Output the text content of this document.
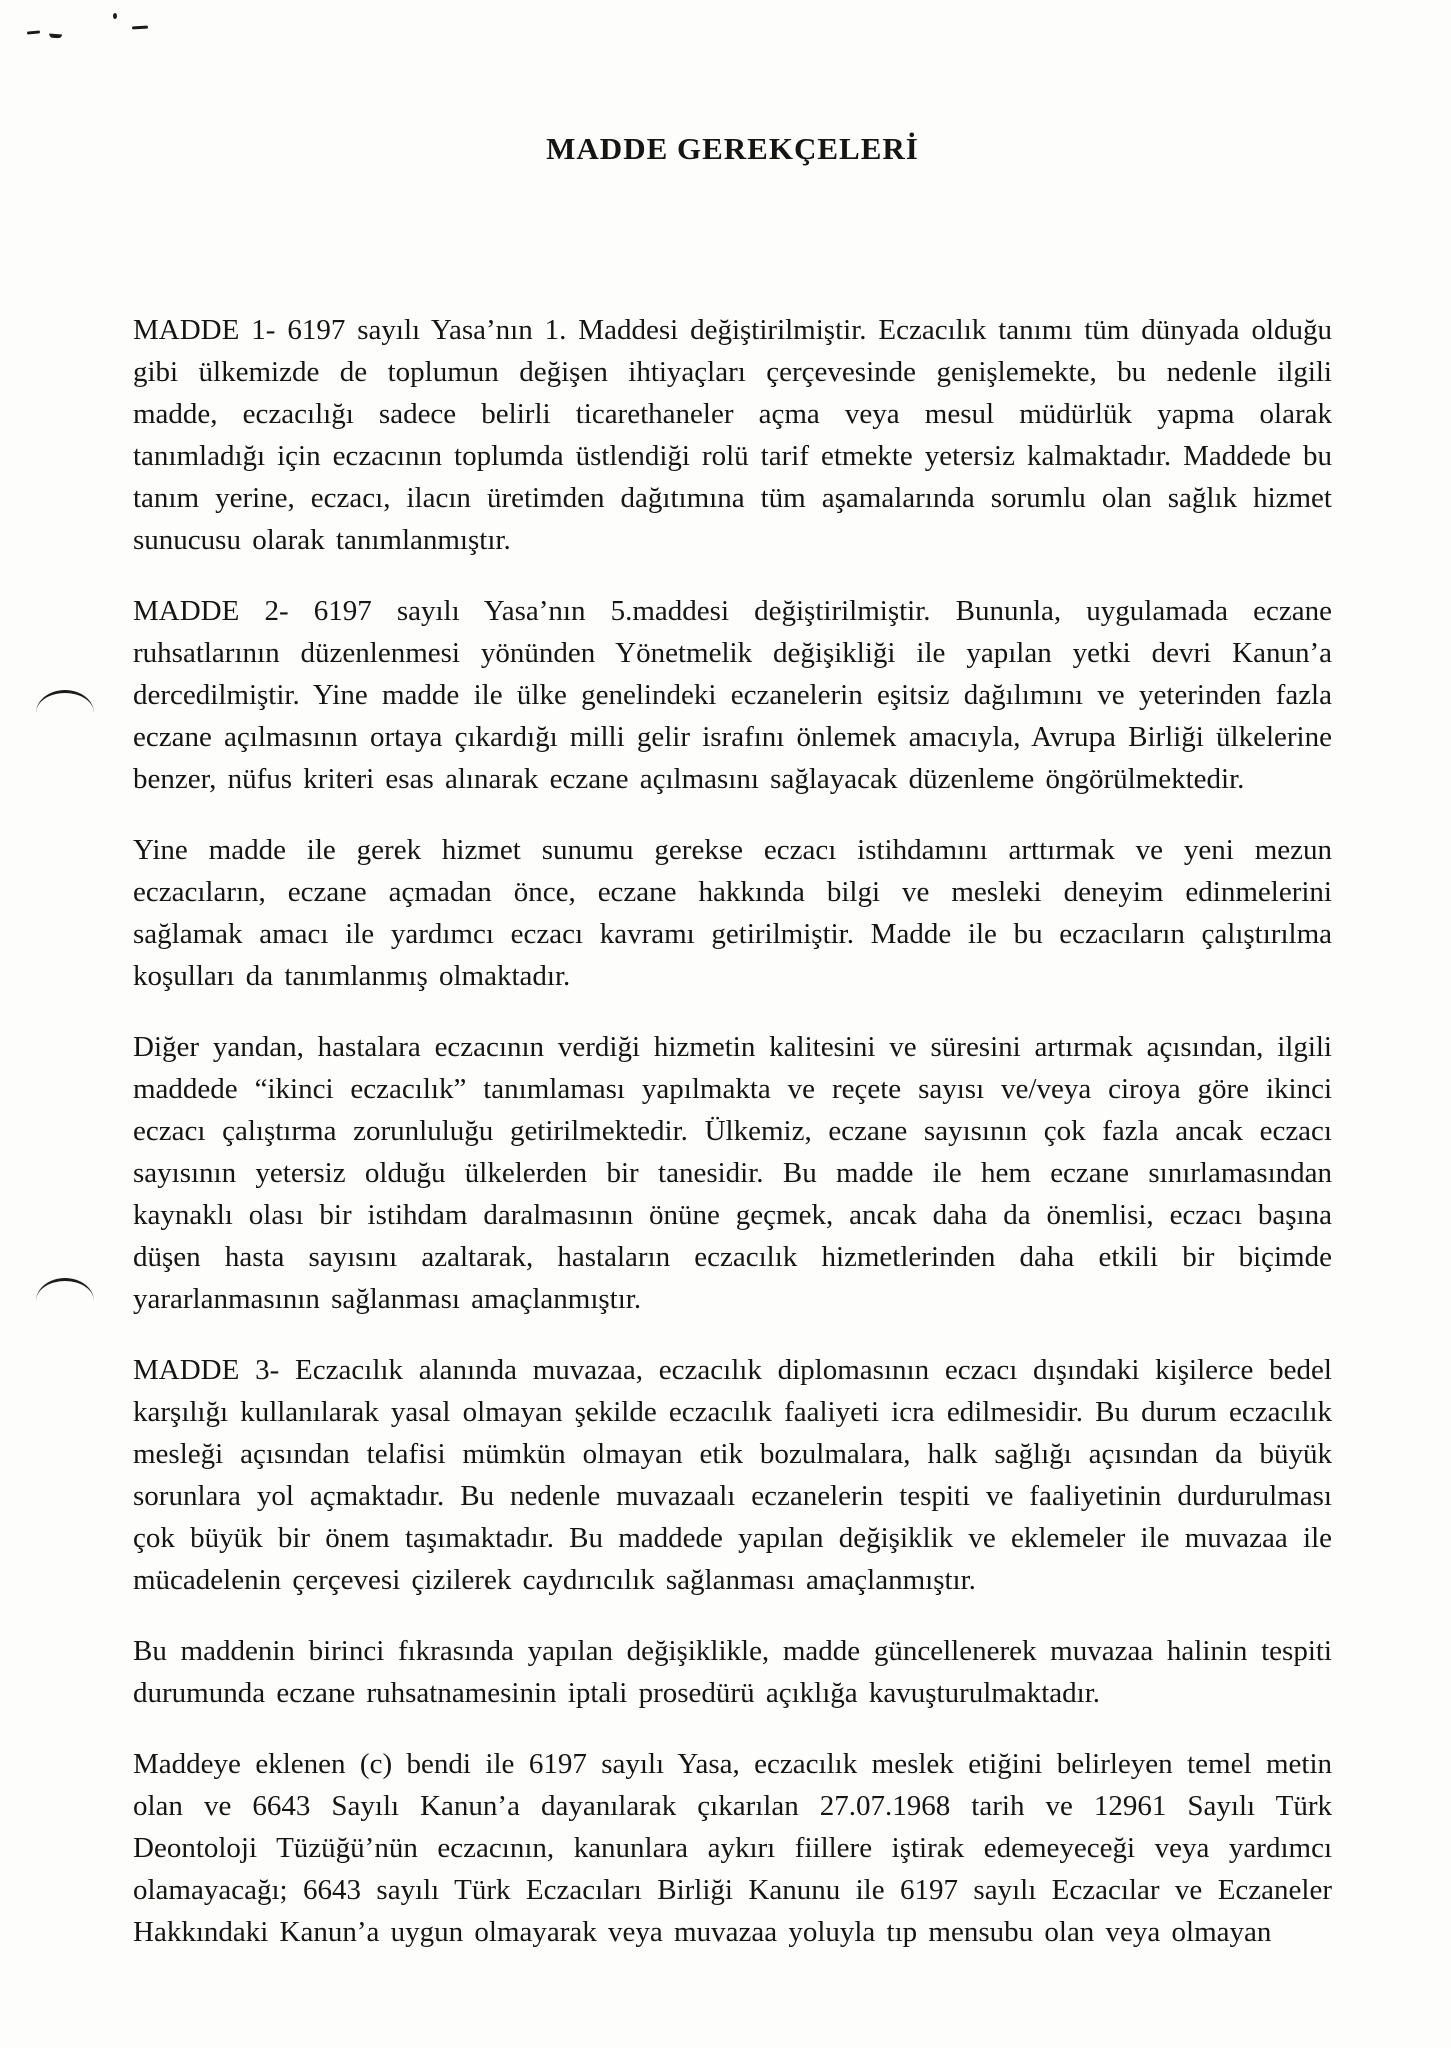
MADDE GEREKÇELERİ

MADDE 1- 6197 sayılı Yasa’nın 1. Maddesi değiştirilmiştir. Eczacılık tanımı tüm dünyada olduğu gibi ülkemizde de toplumun değişen ihtiyaçları çerçevesinde genişlemekte, bu nedenle ilgili madde, eczacılığı sadece belirli ticarethaneler açma veya mesul müdürlük yapma olarak tanımladığı için eczacının toplumda üstlendiği rolü tarif etmekte yetersiz kalmaktadır. Maddede bu tanım yerine, eczacı, ilacın üretimden dağıtımına tüm aşamalarında sorumlu olan sağlık hizmet sunucusu olarak tanımlanmıştır.

MADDE 2- 6197 sayılı Yasa’nın 5.maddesi değiştirilmiştir. Bununla, uygulamada eczane ruhsatlarının düzenlenmesi yönünden Yönetmelik değişikliği ile yapılan yetki devri Kanun’a dercedilmiştir. Yine madde ile ülke genelindeki eczanelerin eşitsiz dağılımını ve yeterinden fazla eczane açılmasının ortaya çıkardığı milli gelir israfını önlemek amacıyla, Avrupa Birliği ülkelerine benzer, nüfus kriteri esas alınarak eczane açılmasını sağlayacak düzenleme öngörülmektedir.

Yine madde ile gerek hizmet sunumu gerekse eczacı istihdamını arttırmak ve yeni mezun eczacıların, eczane açmadan önce, eczane hakkında bilgi ve mesleki deneyim edinmelerini sağlamak amacı ile yardımcı eczacı kavramı getirilmiştir. Madde ile bu eczacıların çalıştırılma koşulları da tanımlanmış olmaktadır.

Diğer yandan, hastalara eczacının verdiği hizmetin kalitesini ve süresini artırmak açısından, ilgili maddede “ikinci eczacılık” tanımlaması yapılmakta ve reçete sayısı ve/veya ciroya göre ikinci eczacı çalıştırma zorunluluğu getirilmektedir. Ülkemiz, eczane sayısının çok fazla ancak eczacı sayısının yetersiz olduğu ülkelerden bir tanesidir. Bu madde ile hem eczane sınırlamasından kaynaklı olası bir istihdam daralmasının önüne geçmek, ancak daha da önemlisi, eczacı başına düşen hasta sayısını azaltarak, hastaların eczacılık hizmetlerinden daha etkili bir biçimde yararlanmasının sağlanması amaçlanmıştır.

MADDE 3- Eczacılık alanında muvazaa, eczacılık diplomasının eczacı dışındaki kişilerce bedel karşılığı kullanılarak yasal olmayan şekilde eczacılık faaliyeti icra edilmesidir. Bu durum eczacılık mesleği açısından telafisi mümkün olmayan etik bozulmalara, halk sağlığı açısından da büyük sorunlara yol açmaktadır. Bu nedenle muvazaalı eczanelerin tespiti ve faaliyetinin durdurulması çok büyük bir önem taşımaktadır. Bu maddede yapılan değişiklik ve eklemeler ile muvazaa ile mücadelenin çerçevesi çizilerek caydırıcılık sağlanması amaçlanmıştır.

Bu maddenin birinci fıkrasında yapılan değişiklikle, madde güncellenerek muvazaa halinin tespiti durumunda eczane ruhsatnamesinin iptali prosedürü açıklığa kavuşturulmaktadır.

Maddeye eklenen (c) bendi ile 6197 sayılı Yasa, eczacılık meslek etiğini belirleyen temel metin olan ve 6643 Sayılı Kanun’a dayanılarak çıkarılan 27.07.1968 tarih ve 12961 Sayılı Türk Deontoloji Tüzüğü’nün eczacının, kanunlara aykırı fiillere iştirak edemeyeceği veya yardımcı olamayacağı; 6643 sayılı Türk Eczacıları Birliği Kanunu ile 6197 sayılı Eczacılar ve Eczaneler Hakkındaki Kanun’a uygun olmayarak veya muvazaa yoluyla tıp mensubu olan veya olmayan
